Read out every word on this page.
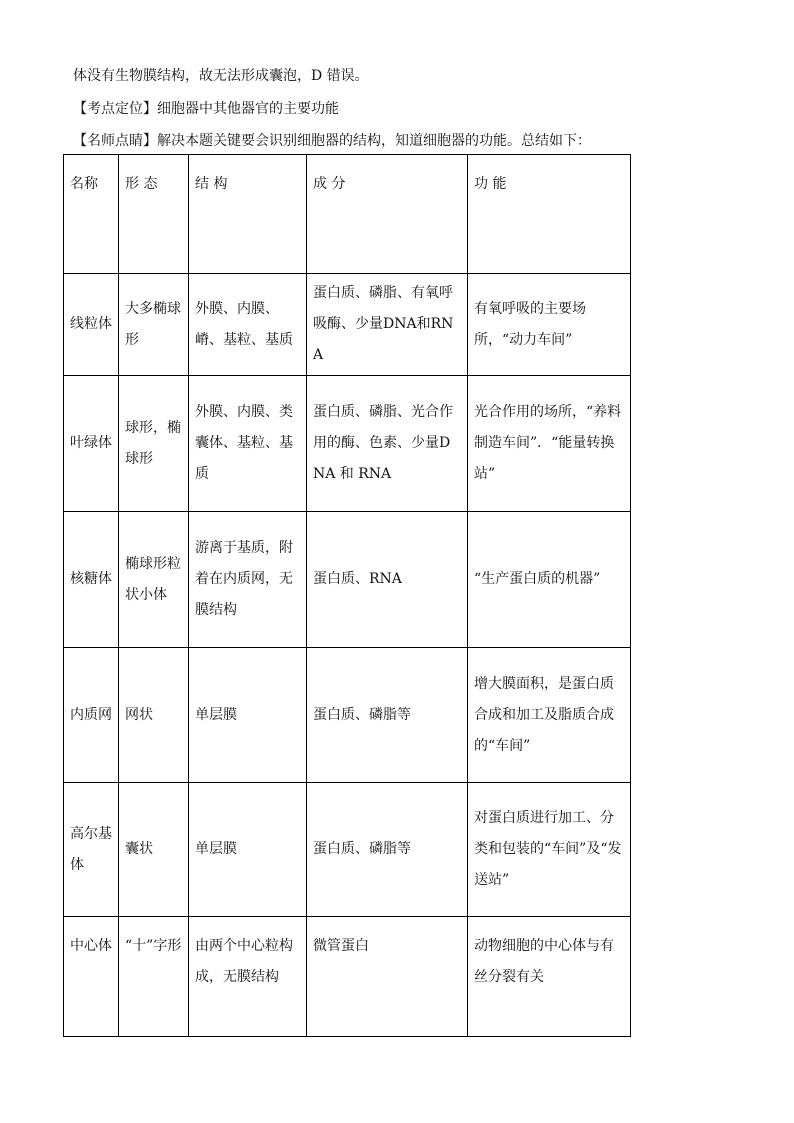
体没有生物膜结构，故无法形成囊泡，D 错误。
【考点定位】细胞器中其他器官的主要功能
【名师点睛】解决本题关键要会识别细胞器的结构，知道细胞器的功能。总结如下：
名称	形 态	结 构	成 分	功 能
线粒体	大多椭球形	外膜、内膜、嵴、基粒、基质	蛋白质、磷脂、有氧呼吸酶、少量DNA和RNA	有氧呼吸的主要场所，“动力车间”
叶绿体	球形，椭球形	外膜、内膜、类囊体、基粒、基质	蛋白质、磷脂、光合作用的酶、色素、少量DNA 和 RNA	光合作用的场所，“养料制造车间”．“能量转换站”
核糖体	椭球形粒状小体	游离于基质，附着在内质网，无膜结构	蛋白质、RNA	“生产蛋白质的机器”
内质网	网状	单层膜	蛋白质、磷脂等	增大膜面积，是蛋白质合成和加工及脂质合成的“车间”
高尔基体	囊状	单层膜	蛋白质、磷脂等	对蛋白质进行加工、分类和包装的“车间”及“发送站”
中心体	“十”字形	由两个中心粒构成，无膜结构	微管蛋白	动物细胞的中心体与有丝分裂有关
